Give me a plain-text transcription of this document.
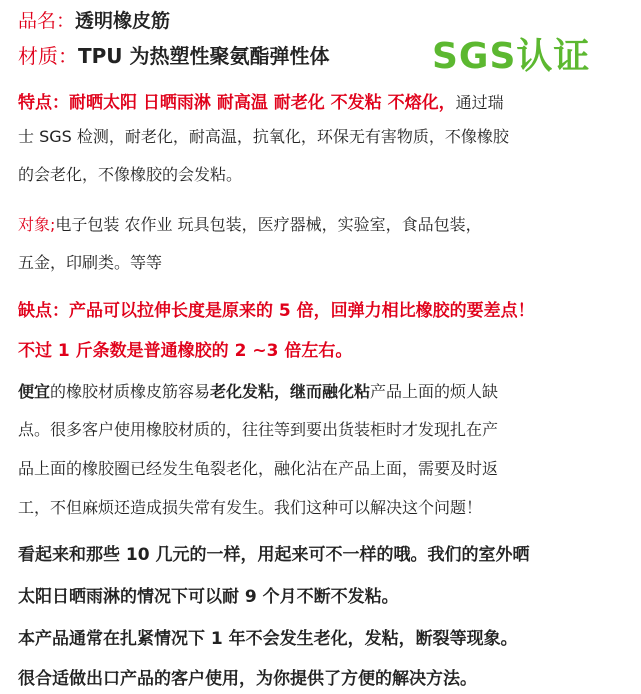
品名：透明橡皮筋
材质：TPU 为热塑性聚氨酯弹性体	SGS认证
特点：耐晒太阳 日晒雨淋 耐高温 耐老化 不发粘 不熔化，通过瑞
士 SGS 检测，耐老化，耐高温，抗氧化，环保无有害物质，不像橡胶
的会老化，不像橡胶的会发粘。
对象;电子包装 农作业 玩具包装，医疗器械，实验室，食品包装，
五金，印刷类。等等
缺点：产品可以拉伸长度是原来的 5 倍，回弹力相比橡胶的要差点！
不过 1 斤条数是普通橡胶的 2 ~3 倍左右。
便宜的橡胶材质橡皮筋容易老化发粘，继而融化粘产品上面的烦人缺
点。很多客户使用橡胶材质的，往往等到要出货装柜时才发现扎在产
品上面的橡胶圈已经发生龟裂老化，融化沾在产品上面，需要及时返
工，不但麻烦还造成损失常有发生。我们这种可以解决这个问题！
看起来和那些 10 几元的一样，用起来可不一样的哦。我们的室外晒
太阳日晒雨淋的情况下可以耐 9 个月不断不发粘。
本产品通常在扎紧情况下 1 年不会发生老化，发粘，断裂等现象。
很合适做出口产品的客户使用，为你提供了方便的解决方法。
